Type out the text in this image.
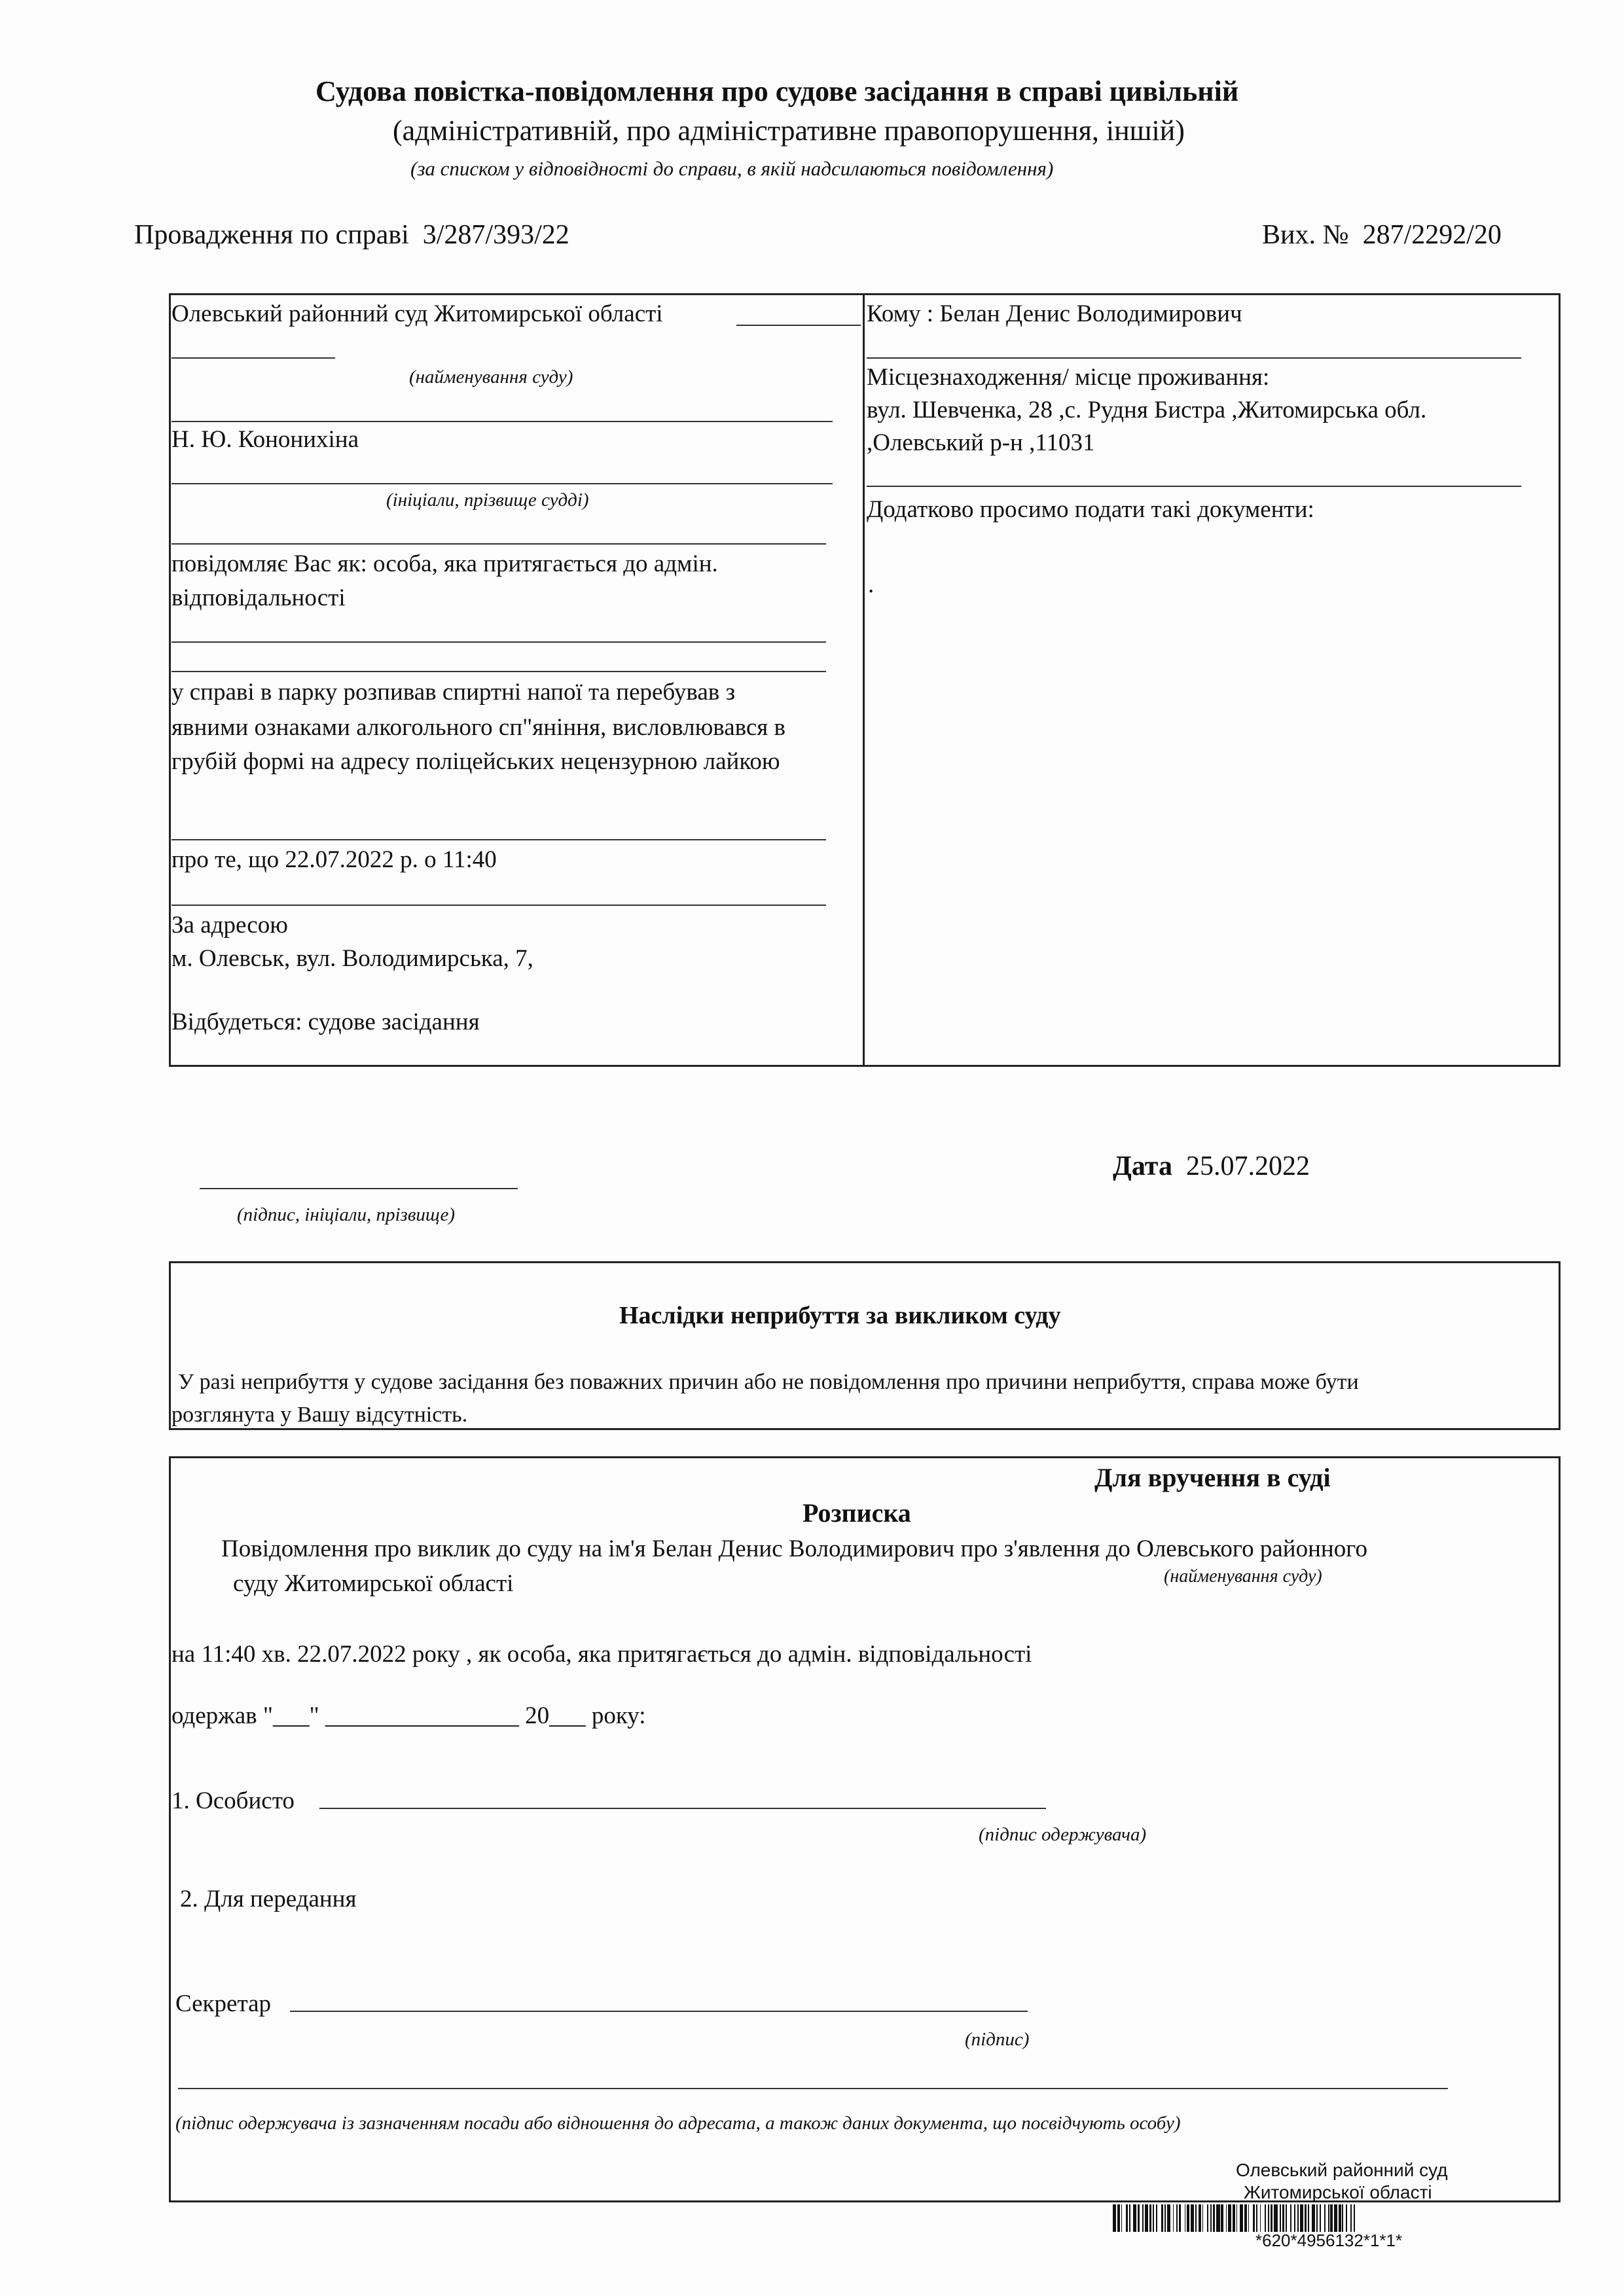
Судова повістка-повідомлення про судове засідання в справі цивільній
(адміністративній, про адміністративне правопорушення, іншій)
(за списком у відповідності до справи, в якій надсилаються повідомлення)
Провадження по справі 3/287/393/22	Вих. № 287/2292/20
Олевський районний суд Житомирської області
(найменування суду)
Н. Ю. Кононихіна
(ініціали, прізвище судді)
повідомляє Вас як: особа, яка притягається до адмін.
відповідальності
у справі в парку розпивав спиртні напої та перебував з
явними ознаками алкогольного сп"яніння, висловлювався в
грубій формі на адресу поліцейських нецензурною лайкою
про те, що 22.07.2022 р. о 11:40
За адресою
м. Олевськ, вул. Володимирська, 7,
Відбудеться: судове засідання
Кому : Белан Денис Володимирович
Місцезнаходження/ місце проживання:
вул. Шевченка, 28 ,с. Рудня Бистра ,Житомирська обл.
,Олевський р-н ,11031
Додатково просимо подати такі документи:
.
(підпис, ініціали, прізвище)
Дата 25.07.2022
Наслідки неприбуття за викликом суду
У разі неприбуття у судове засідання без поважних причин або не повідомлення про причини неприбуття, справа може бути
розглянута у Вашу відсутність.
Для вручення в суді
Розписка
Повідомлення про виклик до суду на ім'я Белан Денис Володимирович про з'явлення до Олевського районного
суду Житомирської області	(найменування суду)
на 11:40 хв. 22.07.2022 року , як особа, яка притягається до адмін. відповідальності
одержав "___" ________________ 20___ року:
1. Особисто
(підпис одержувача)
2. Для передання
Секретар
(підпис)
(підпис одержувача із зазначенням посади або відношення до адресата, а також даних документа, що посвідчують особу)
Олевський районний суд
Житомирської області
*620*4956132*1*1*
